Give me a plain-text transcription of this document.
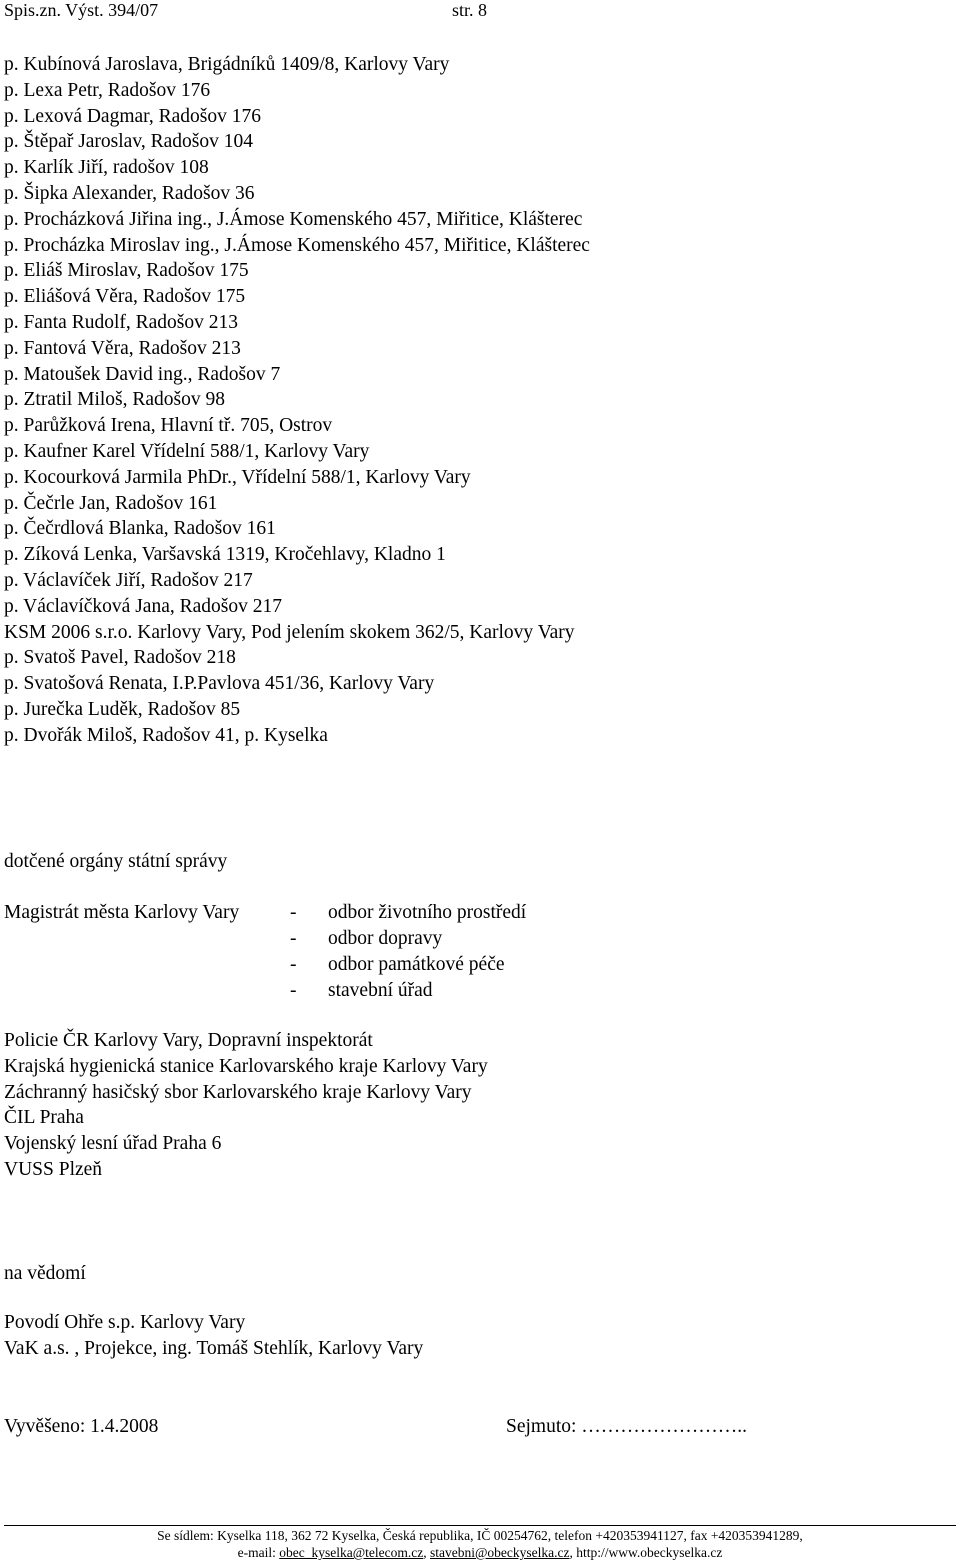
Spis.zn. Výst. 394/07	str. 8
p. Kubínová Jaroslava, Brigádníků 1409/8, Karlovy Vary
p. Lexa Petr, Radošov 176
p. Lexová Dagmar, Radošov 176
p. Štěpař Jaroslav, Radošov 104
p. Karlík Jiří, radošov 108
p. Šipka Alexander, Radošov 36
p. Procházková Jiřina ing., J.Ámose Komenského 457, Miřitice, Klášterec
p. Procházka Miroslav ing., J.Ámose Komenského 457, Miřitice, Klášterec
p. Eliáš Miroslav, Radošov 175
p. Eliášová Věra, Radošov 175
p. Fanta Rudolf, Radošov 213
p. Fantová Věra, Radošov 213
p. Matoušek David ing., Radošov 7
p. Ztratil Miloš, Radošov 98
p. Parůžková Irena, Hlavní tř. 705, Ostrov
p. Kaufner Karel Vřídelní 588/1, Karlovy Vary
p. Kocourková Jarmila PhDr., Vřídelní 588/1, Karlovy Vary
p. Čečrle Jan, Radošov 161
p. Čečrdlová Blanka, Radošov 161
p. Zíková Lenka, Varšavská 1319, Kročehlavy, Kladno 1
p. Václavíček Jiří, Radošov 217
p. Václavíčková Jana, Radošov 217
KSM 2006 s.r.o. Karlovy Vary, Pod jelením skokem 362/5, Karlovy Vary
p. Svatoš Pavel, Radošov 218
p. Svatošová Renata, I.P.Pavlova 451/36, Karlovy Vary
p. Jurečka Luděk, Radošov 85
p. Dvořák Miloš, Radošov 41, p. Kyselka
dotčené orgány státní správy
Magistrát města Karlovy Vary	- odbor životního prostředí
- odbor dopravy
- odbor památkové péče
- stavební úřad
Policie ČR Karlovy Vary, Dopravní inspektorát
Krajská hygienická stanice Karlovarského kraje Karlovy Vary
Záchranný hasičský sbor Karlovarského kraje Karlovy Vary
ČIL Praha
Vojenský lesní úřad Praha 6
VUSS Plzeň
na vědomí
Povodí Ohře s.p. Karlovy Vary
VaK a.s. , Projekce, ing. Tomáš Stehlík, Karlovy Vary
Vyvěšeno: 1.4.2008	Sejmuto: ……………………..
Se sídlem: Kyselka 118, 362 72 Kyselka, Česká republika, IČ 00254762, telefon +420353941127, fax +420353941289,
e-mail: obec_kyselka@telecom.cz, stavebni@obeckyselka.cz, http://www.obeckyselka.cz
